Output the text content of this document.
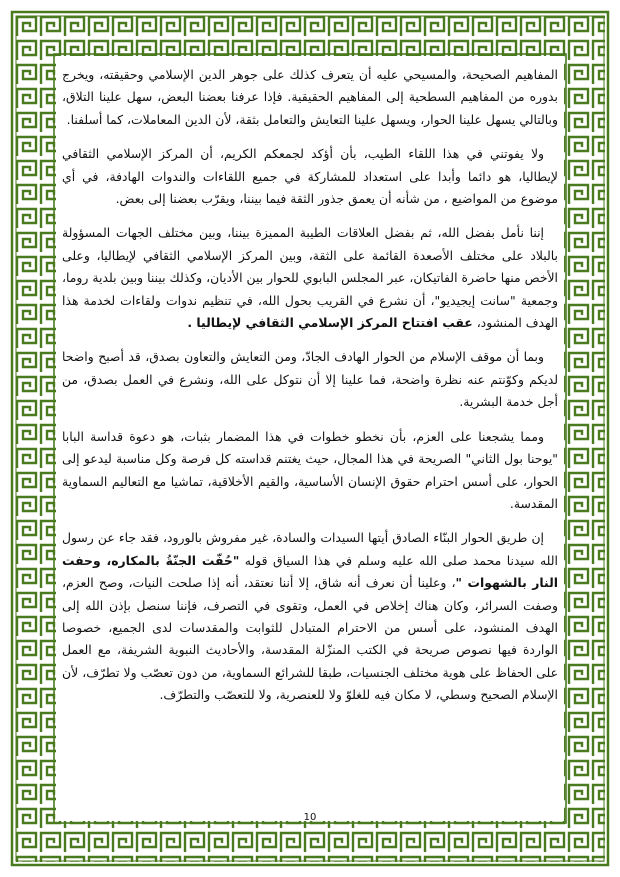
المفاهيم الصحيحة، والمسيحي عليه أن يتعرف كذلك على جوهر الدين الإسلامي وحقيقته، ويخرج بدوره من المفاهيم السطحية إلى المفاهيم الحقيقية. فإذا عرفنا بعضنا البعض، سهل علينا التلاق، وبالتالي يسهل علينا الحوار، ويسهل علينا التعايش والتعامل بثقة، لأن الدين المعاملات، كما أسلفنا.

ولا يفوتني في هذا اللقاء الطيب، بأن أؤكد لجمعكم الكريم، أن المركز الإسلامي الثقافي لإيطاليا، هو دائما وأبدا على استعداد للمشاركة في جميع اللقاءات والندوات الهادفة، في أي موضوع من المواضيع ، من شأنه أن يعمق جذور الثقة فيما بيننا، ويقرّب بعضنا إلى بعض.

إننا نأمل بفضل الله، ثم بفضل العلاقات الطيبة المميزة بيننا، وبين مختلف الجهات المسؤولة بالبلاد على مختلف الأصعدة القائمة على الثقة، وبين المركز الإسلامي الثقافي لإيطاليا، وعلى الأخص منها حاضرة الفاتيكان، عبر المجلس البابوي للحوار بين الأديان، وكذلك بيننا وبين بلدية روما، وجمعية "سانت إيجيديو"، أن نشرع في القريب بحول الله، في تنظيم ندوات ولقاءات لخدمة هذا الهدف المنشود، عقب افتتاح المركز الإسلامي الثقافي لإيطاليا .

وبما أن موقف الإسلام من الحوار الهادف الجادّ، ومن التعايش والتعاون بصدق، قد أصبح واضحا لديكم وكوّنتم عنه نظرة واضحة، فما علينا إلا أن نتوكل على الله، ونشرع في العمل بصدق، من أجل خدمة البشرية.

ومما يشجعنا على العزم، بأن نخطو خطوات في هذا المضمار بثبات، هو دعوة قداسة البابا "يوحنا بول الثاني" الصريحة في هذا المجال، حيث يغتنم قداسته كل فرصة وكل مناسبة ليدعو إلى الحوار، على أسس احترام حقوق الإنسان الأساسية، والقيم الأخلاقية، تماشيا مع التعاليم السماوية المقدسة.

إن طريق الحوار البنّاء الصادق أيتها السيدات والسادة، غير مفروش بالورود، فقد جاء عن رسول الله سيدنا محمد صلى الله عليه وسلم في هذا السياق قوله "حُفّت الجنّةُ بالمكاره، وحفت النار بالشهوات "، وعلينا أن نعرف أنه شاق، إلا أننا نعتقد، أنه إذا صلحت النيات، وصح العزم، وصفت السرائر، وكان هناك إخلاص في العمل، وتقوى في التصرف، فإننا سنصل بإذن الله إلى الهدف المنشود، على أسس من الاحترام المتبادل للثوابت والمقدسات لدى الجميع، خصوصا الواردة فيها نصوص صريحة في الكتب المنزّلة المقدسة، والأحاديث النبوية الشريفة، مع العمل على الحفاظ على هوية مختلف الجنسيات، طبقا للشرائع السماوية، من دون تعصّب ولا تطرّف، لأن الإسلام الصحيح وسطي، لا مكان فيه للغلوّ ولا للعنصرية، ولا للتعصّب والتطرّف.

10
